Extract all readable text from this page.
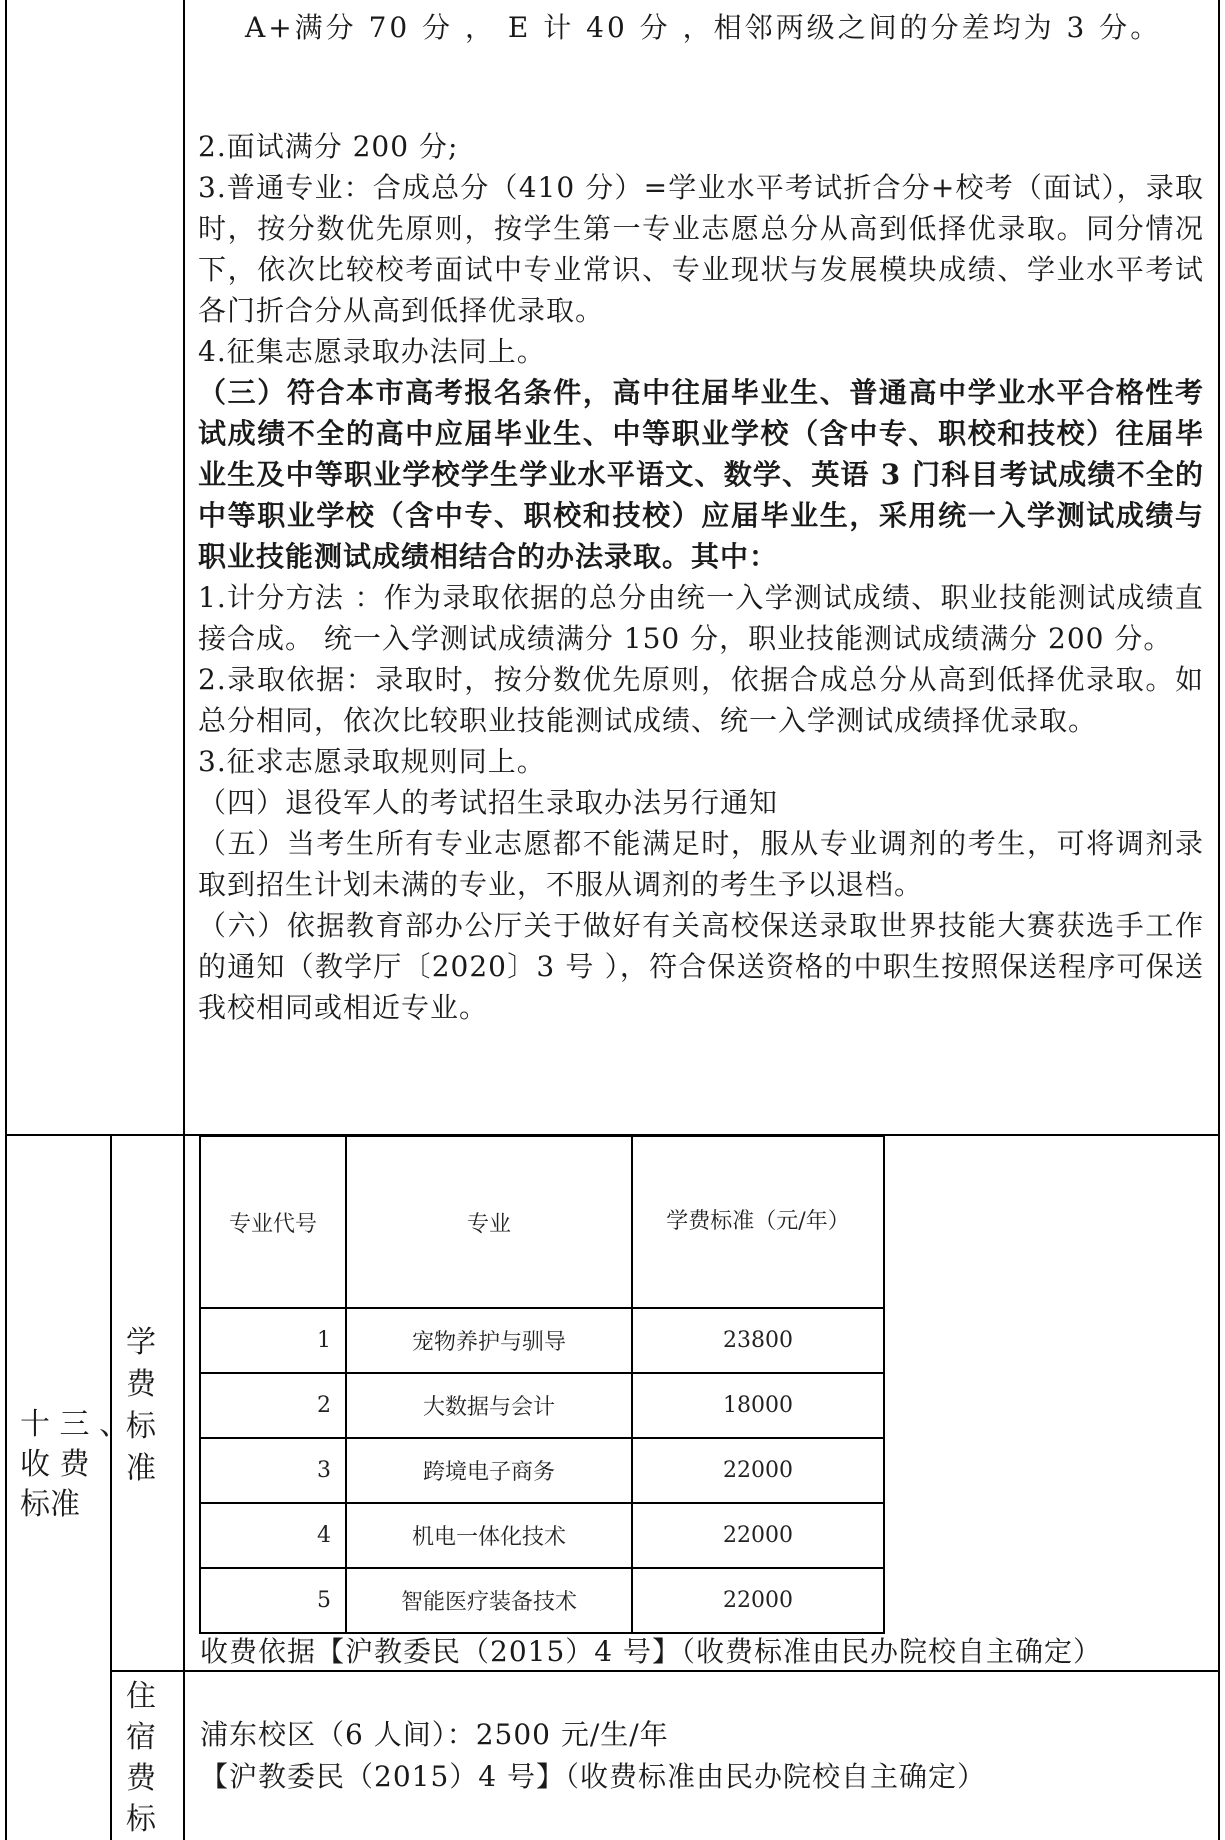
A+满分 70 分 ， E 计 40 分 ，相邻两级之间的分差均为 3 分。

2.面试满分 200 分;

3.普通专业：合成总分（410 分）=学业水平考试折合分+校考（面试），录取时，按分数优先原则，按学生第一专业志愿总分从高到低择优录取。同分情况下，依次比较校考面试中专业常识、专业现状与发展模块成绩、学业水平考试各门折合分从高到低择优录取。

4.征集志愿录取办法同上。

（三）符合本市高考报名条件，高中往届毕业生、普通高中学业水平合格性考试成绩不全的高中应届毕业生、中等职业学校（含中专、职校和技校）往届毕业生及中等职业学校学生学业水平语文、数学、英语 3 门科目考试成绩不全的中等职业学校（含中专、职校和技校）应届毕业生，采用统一入学测试成绩与职业技能测试成绩相结合的办法录取。其中：

1.计分方法 ：作为录取依据的总分由统一入学测试成绩、职业技能测试成绩直接合成。 统一入学测试成绩满分 150 分，职业技能测试成绩满分 200 分。

2.录取依据：录取时，按分数优先原则，依据合成总分从高到低择优录取。如总分相同，依次比较职业技能测试成绩、统一入学测试成绩择优录取。

3.征求志愿录取规则同上。

（四）退役军人的考试招生录取办法另行通知

（五）当考生所有专业志愿都不能满足时，服从专业调剂的考生，可将调剂录取到招生计划未满的专业，不服从调剂的考生予以退档。

（六）依据教育部办公厅关于做好有关高校保送录取世界技能大赛获选手工作的通知（教学厅〔2020〕3 号 ），符合保送资格的中职生按照保送程序可保送我校相同或相近专业。

十 三 、
收 费
标准
学
费
标
准
专业代号	专业	学费标准（元/年）
1	宠物养护与驯导	23800
2	大数据与会计	18000
3	跨境电子商务	22000
4	机电一体化技术	22000
5	智能医疗装备技术	22000
收费依据【沪教委民（2015）4 号】（收费标准由民办院校自主确定）
住
宿
费
标
浦东校区（6 人间）：2500 元/生/年
【沪教委民（2015）4 号】（收费标准由民办院校自主确定）
